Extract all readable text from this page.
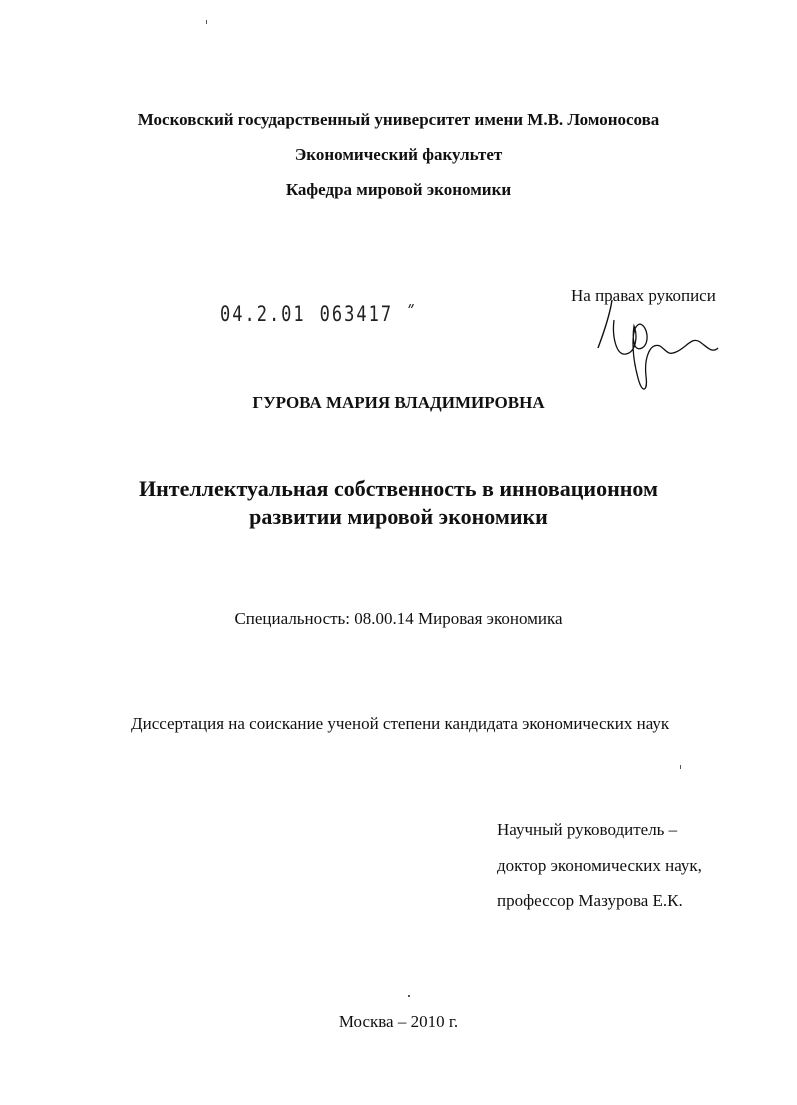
Московский государственный университет имени М.В. Ломоносова
Экономический факультет
Кафедра мировой экономики
04.2.01 063417 ˝
На правах рукописи
ГУРОВА МАРИЯ ВЛАДИМИРОВНА
Интеллектуальная собственность в инновационном
развитии мировой экономики
Специальность: 08.00.14 Мировая экономика
Диссертация на соискание ученой степени кандидата экономических наук
Научный руководитель –
доктор экономических наук,
профессор Мазурова Е.К.
Москва – 2010 г.
